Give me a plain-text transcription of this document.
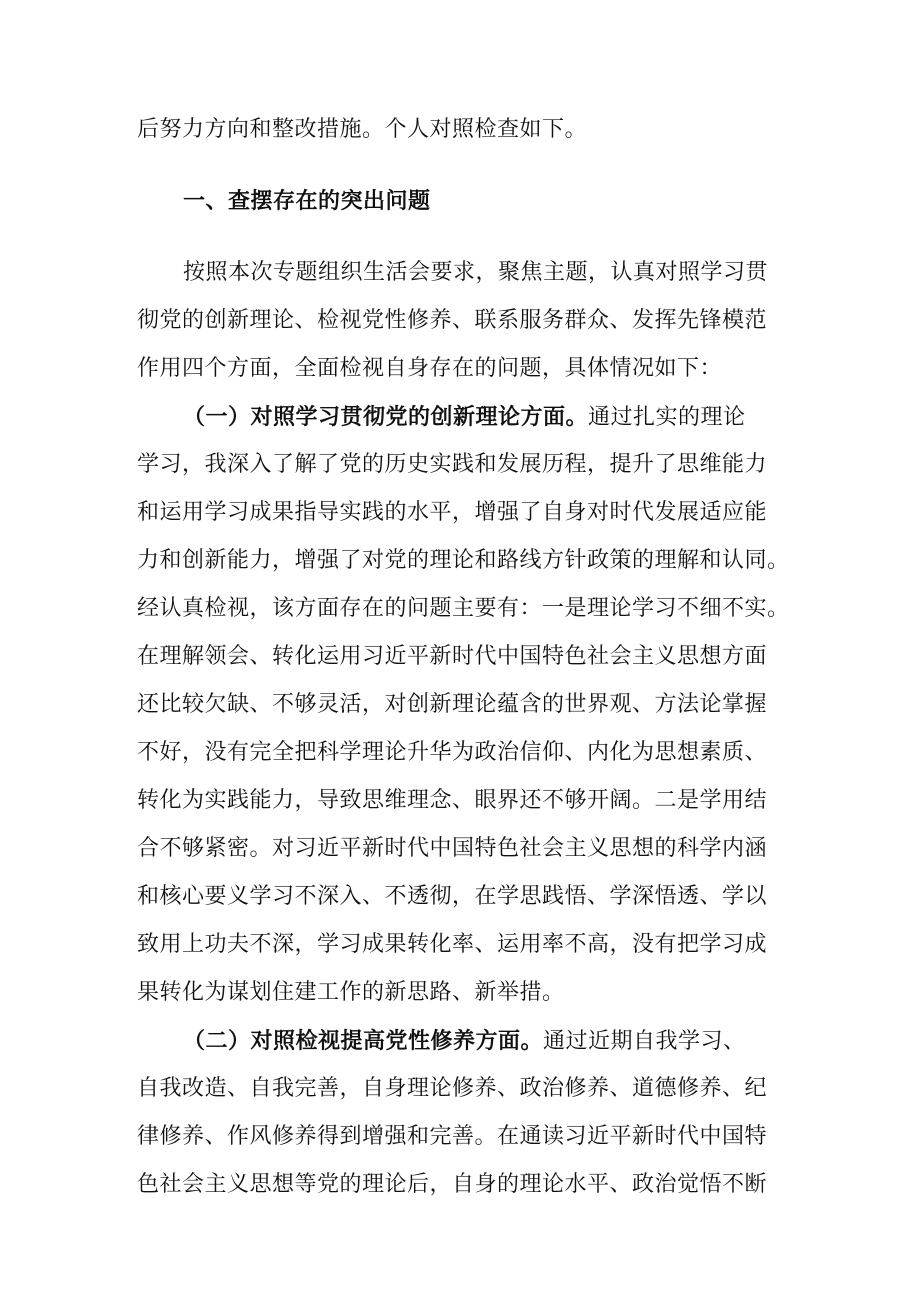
后努力方向和整改措施。个人对照检查如下。
一、查摆存在的突出问题
按照本次专题组织生活会要求，聚焦主题，认真对照学习贯
彻党的创新理论、检视党性修养、联系服务群众、发挥先锋模范
作用四个方面，全面检视自身存在的问题，具体情况如下：
（一）对照学习贯彻党的创新理论方面。通过扎实的理论
学习，我深入了解了党的历史实践和发展历程，提升了思维能力
和运用学习成果指导实践的水平，增强了自身对时代发展适应能
力和创新能力，增强了对党的理论和路线方针政策的理解和认同。
经认真检视，该方面存在的问题主要有：一是理论学习不细不实。
在理解领会、转化运用习近平新时代中国特色社会主义思想方面
还比较欠缺、不够灵活，对创新理论蕴含的世界观、方法论掌握
不好，没有完全把科学理论升华为政治信仰、内化为思想素质、
转化为实践能力，导致思维理念、眼界还不够开阔。二是学用结
合不够紧密。对习近平新时代中国特色社会主义思想的科学内涵
和核心要义学习不深入、不透彻，在学思践悟、学深悟透、学以
致用上功夫不深，学习成果转化率、运用率不高，没有把学习成
果转化为谋划住建工作的新思路、新举措。
（二）对照检视提高党性修养方面。通过近期自我学习、
自我改造、自我完善，自身理论修养、政治修养、道德修养、纪
律修养、作风修养得到增强和完善。在通读习近平新时代中国特
色社会主义思想等党的理论后，自身的理论水平、政治觉悟不断
